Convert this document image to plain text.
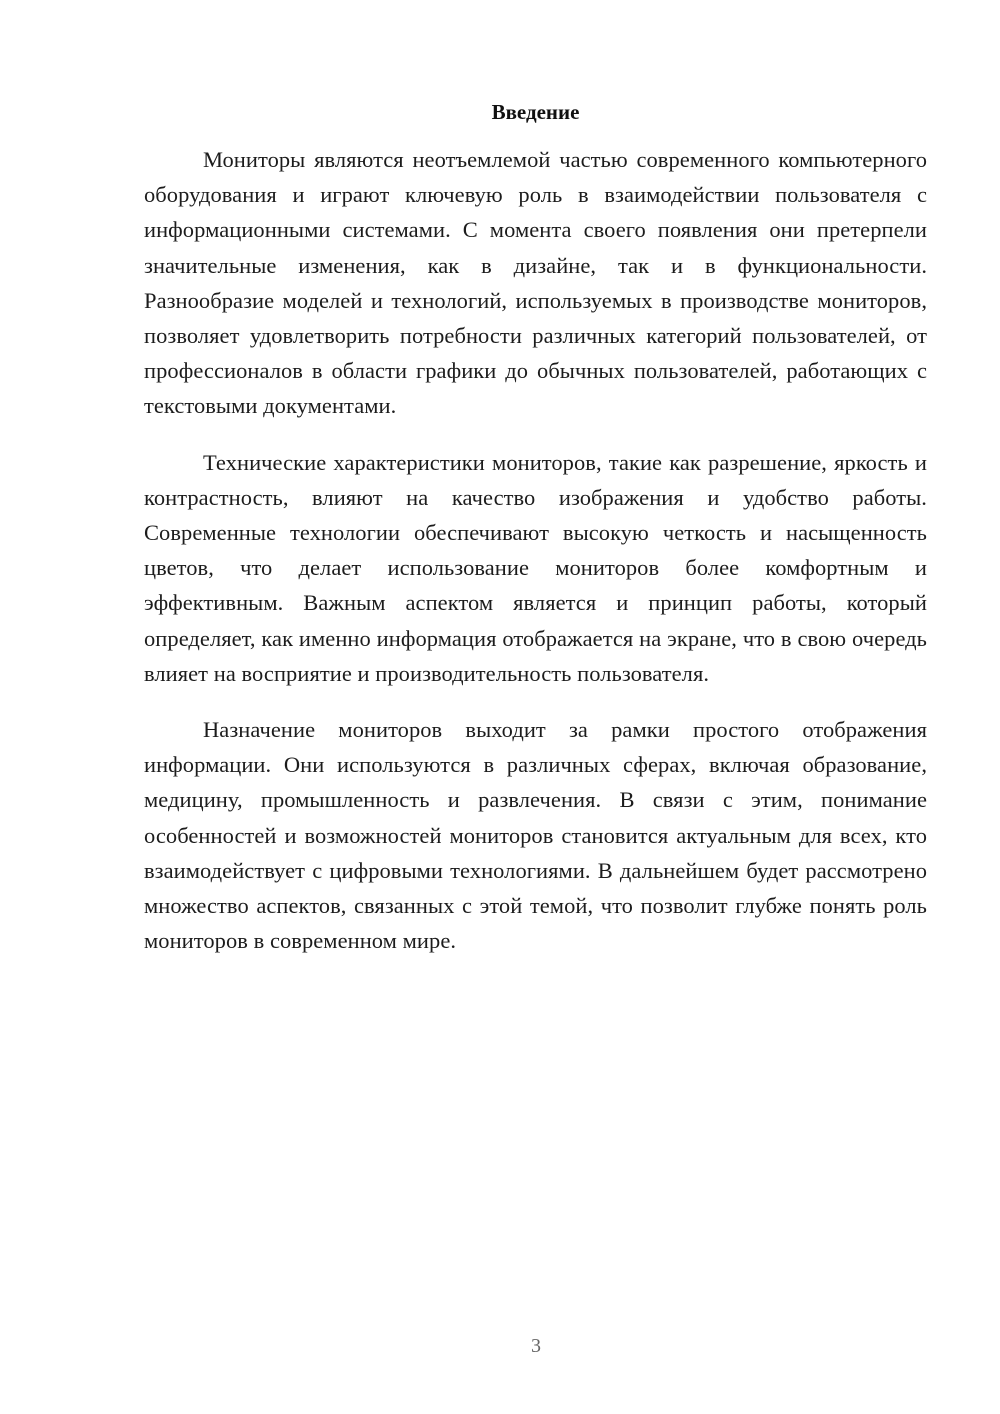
Введение

Мониторы являются неотъемлемой частью современного компьютерного оборудования и играют ключевую роль в взаимодействии пользователя с информационными системами. С момента своего появления они претерпели значительные изменения, как в дизайне, так и в функциональности. Разнообразие моделей и технологий, используемых в производстве мониторов, позволяет удовлетворить потребности различных категорий пользователей, от профессионалов в области графики до обычных пользователей, работающих с текстовыми документами.

Технические характеристики мониторов, такие как разрешение, яркость и контрастность, влияют на качество изображения и удобство работы. Современные технологии обеспечивают высокую четкость и насыщенность цветов, что делает использование мониторов более комфортным и эффективным. Важным аспектом является и принцип работы, который определяет, как именно информация отображается на экране, что в свою очередь влияет на восприятие и производительность пользователя.

Назначение мониторов выходит за рамки простого отображения информации. Они используются в различных сферах, включая образование, медицину, промышленность и развлечения. В связи с этим, понимание особенностей и возможностей мониторов становится актуальным для всех, кто взаимодействует с цифровыми технологиями. В дальнейшем будет рассмотрено множество аспектов, связанных с этой темой, что позволит глубже понять роль мониторов в современном мире.

3
